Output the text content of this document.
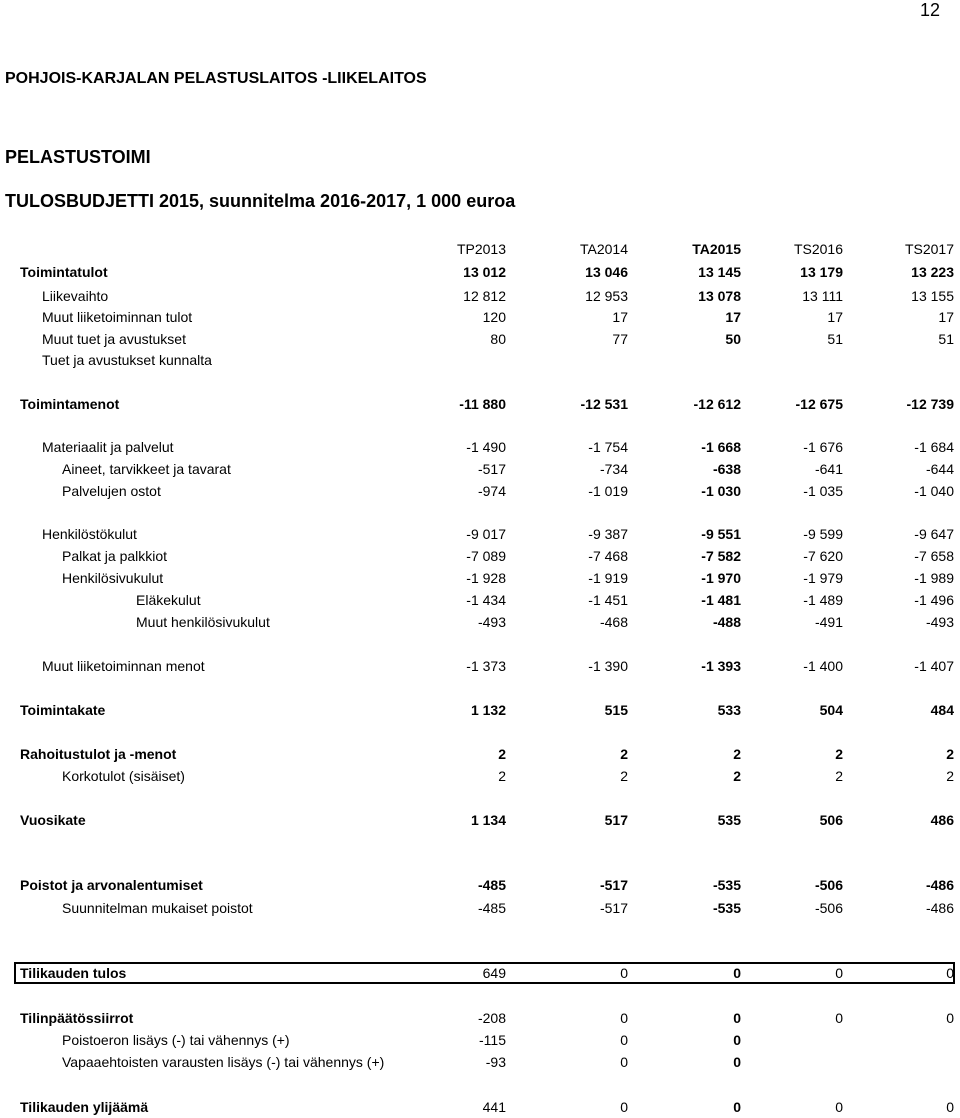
12
POHJOIS-KARJALAN PELASTUSLAITOS -LIIKELAITOS
PELASTUSTOIMI
TULOSBUDJETTI 2015, suunnitelma 2016-2017, 1 000 euroa
TP2013	TA2014	TA2015	TS2016	TS2017
Toimintatulot	13 012	13 046	13 145	13 179	13 223
Liikevaihto	12 812	12 953	13 078	13 111	13 155
Muut liiketoiminnan tulot	120	17	17	17	17
Muut tuet ja avustukset	80	77	50	51	51
Tuet ja avustukset kunnalta
Toimintamenot	-11 880	-12 531	-12 612	-12 675	-12 739
Materiaalit ja palvelut	-1 490	-1 754	-1 668	-1 676	-1 684
Aineet, tarvikkeet ja tavarat	-517	-734	-638	-641	-644
Palvelujen ostot	-974	-1 019	-1 030	-1 035	-1 040
Henkilöstökulut	-9 017	-9 387	-9 551	-9 599	-9 647
Palkat ja palkkiot	-7 089	-7 468	-7 582	-7 620	-7 658
Henkilösivukulut	-1 928	-1 919	-1 970	-1 979	-1 989
Eläkekulut	-1 434	-1 451	-1 481	-1 489	-1 496
Muut henkilösivukulut	-493	-468	-488	-491	-493
Muut liiketoiminnan menot	-1 373	-1 390	-1 393	-1 400	-1 407
Toimintakate	1 132	515	533	504	484
Rahoitustulot ja -menot	2	2	2	2	2
Korkotulot (sisäiset)	2	2	2	2	2
Vuosikate	1 134	517	535	506	486
Poistot ja arvonalentumiset	-485	-517	-535	-506	-486
Suunnitelman mukaiset poistot	-485	-517	-535	-506	-486
Tilikauden tulos	649	0	0	0	0
Tilinpäätössiirrot	-208	0	0	0	0
Poistoeron lisäys (-) tai vähennys (+)	-115	0	0
Vapaaehtoisten varausten lisäys (-) tai vähennys (+)	-93	0	0
Tilikauden ylijäämä	441	0	0	0	0
